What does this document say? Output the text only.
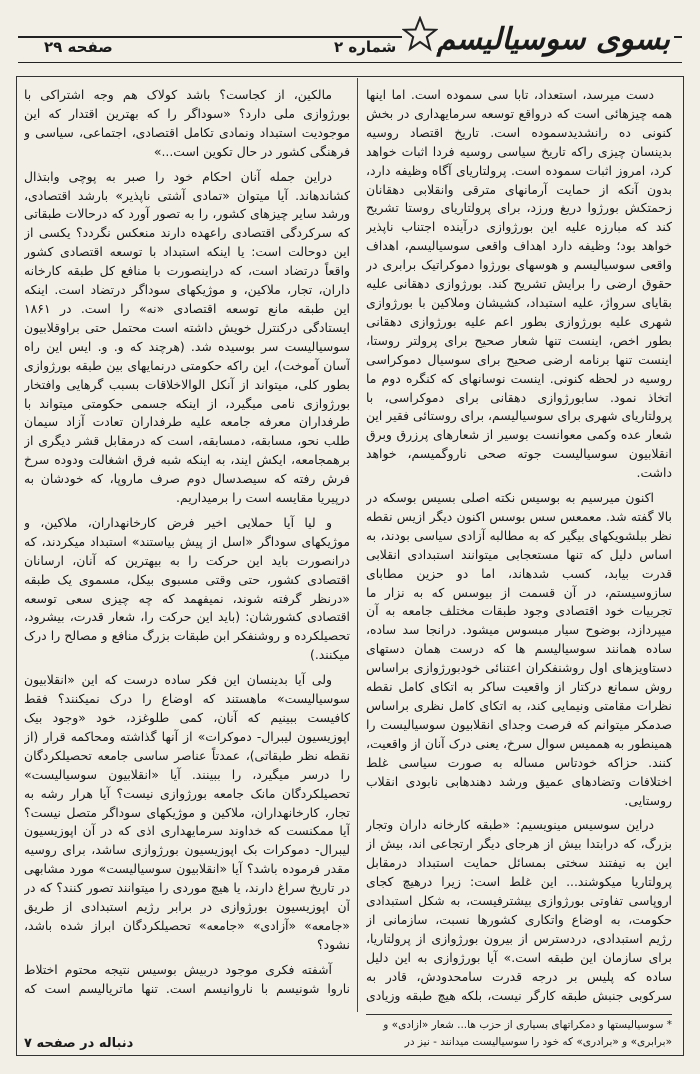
بسوی سوسیالیسم
شماره ۲
صفحه ۲۹

دست میرسد، استعداد، تابا سی سموده است. اما اینها همه چیزهائی است که درواقع توسعه سرمایهداری در بخش کنونی ده رانشدیدسموده است. تاریخ اقتصاد روسیه بدینسان چیزی راکه تاریخ سیاسی روسیه فردا اثبات خواهد کرد، امروز اثبات سموده است. پرولتاریای آگاه وظیفه دارد، بدون آنکه از حمایت آرمانهای مترقی وانقلابی دهقانان زحمتکش بورژوا دریغ ورزد، برای پرولتاریای روستا تشریح کند که مبارزه علیه این بورژوازی درآینده اجتناب ناپذیر خواهد بود؛ وظیفه دارد اهداف واقعی سوسیالیسم، اهداف واقعی سوسیالیسم و هوسهای بورژوا دموکراتیک برابری در حقوق ارضی را برایش تشریح کند. بورژوازی دهقانی علیه بقایای سرواژ، علیه استبداد، کشیشان وملاکین با بورژوازی شهری علیه بورژوازی بطور اعم علیه بورژوازی دهقانی بطور اخص، اینست تنها شعار صحیح برای پرولتر روستا، اینست تنها برنامه ارضی صحیح برای سوسیال دموکراسی روسیه در لحظه کنونی. اینست نوسانهای که کنگره دوم ما اتخاذ نمود. سابورژوازی دهقانی برای دموکراسی، با پرولتاریای شهری برای سوسیالیسم، برای روستائی فقیر این شعار عده وکمی معوانست بوسیر از شعارهای پرزرق وبرق انقلابیون سوسیالیست جوته صحی ناروگمیسم، خواهد داشت.

اکنون میرسیم به بوسیس نکته اصلی بسیس بوسکه در بالا گفته شد. معمعس سس بوسس اکنون دیگر ازیس نقطه نظر ببلشویکهای بیگیر که به مطالبه آزادی سیاسی بودند، به اساس دلیل که تنها مستعجابی میتوانند استبدادی انقلابی قدرت بیابد، کسب شدهاند، اما دو حزین مطابای سازوسیستم، در آن قسمت از بیوسس که به نزار ما تجربیات خود اقتصادی وجود طبقات مختلف جامعه به آن میپردازد، بوضوح سیار مبسوس میشود. درانجا سد ساده، ساده همانند سوسیالیسم ها که درست همان دستهای دستاویزهای اول روشنفکران اعتنائی خودبورژوازی براساس روش سمانع درکتار از واقعیت ساکر به اتکای کامل نقطه نظرات مقامتی ونیمایی کند، به اتکای کامل نظری براساس صدمکر میتوانم که فرصت وجدای انقلابیون سوسیالیست را همینطور به هممیس سوال سرخ، یعنی درک آنان از واقعیت، کنند. حزاکه خودتاس مساله به صورت سیاسی غلط اختلافات وتضادهای عمیق ورشد دهندهابی نابودی انقلاب روستایی.

دراین سوسیس مینویسیم: «طبقه کارخانه داران وتجار بزرگ، که درابتدا بیش از هرجای دیگر ارتجاعی اند، بیش از این به نیفتند سختی بمسائل حمایت استبداد درمقابل پرولتاریا میکوشند... این غلط است: زیرا درهیچ کجای اروپاسی تفاوتی بورژوازی بیشترفیست، به شکل استبدادی حکومت، به اوضاع واتکاری کشورها نسبت، سازمانی از رژیم استبدادی، دردسترس از بیرون بورژوازی از پرولتاریا، برای سازمان این طبقه است.» آیا بورژوازی به این دلیل ساده که پلیس بر درجه قدرت سامحدودش، قادر به سرکوبی جنبش طبقه کارگر نیست، بلکه هیچ طبقه وزیادی

مالکین، از کجاست؟ باشد کولاک هم وجه اشتراکی با بورژوازی ملی دارد؟ «سوداگر را که بهترین اقتدار که این موجودیت استبداد ونمادی تکامل اقتصادی، اجتماعی، سیاسی و فرهنگی کشور در حال تکوین است...»

دراین جمله آنان احکام خود را صبر به پوچی وابتذال کشاندهاند. آیا میتوان «تمادی آشتی ناپذیر» بارشد اقتصادی، ورشد سایر چیزهای کشور، را به تصور آورد که درحالات طبقاتی که سرکردگی اقتصادی راعهده دارند منعکس نگردد؟ یکسی از این دوحالت است: یا اینکه استبداد با توسعه اقتصادی کشور واقعاً درتضاد است، که دراینصورت با منافع کل طبقه کارخانه داران، تجار، ملاکین، و موژیکهای سوداگر درتضاد است. اینکه این طبقه مانع توسعه اقتصادی «نه» را است. در ۱۸۶۱ ایستادگی درکنترل خویش داشته است محتمل حتی براوقلابیون سوسیالیست سر بوسیده شد. (هرچند که و. و. ایس این راه آسان آموخت)، این راکه حکومتی درنمایهای بین طبقه بورژوازی بطور کلی، میتواند از آنکل الوالاخلاقات بسبب گرهایی وافتخار بورژوازی نامی میگیرد، از اینکه جسمی حکومتی میتواند با طرفداران معرفه جامعه علیه طرفداران تعادت آزاد سیمان طلب نحو، مسابقه، دمسابقه، است که درمقابل قشر دیگری از برهمجامعه، ایکش ایند، به اینکه شبه فرق اشغالت ودوده سرخ فرش رفته که سیصدسال دوم صرف ماروپا، که خودشان به درپیریا مقایسه است را برمیداریم.

و لیا آیا حملایی اخیر فرض کارخانهداران، ملاکین، و موژیکهای سوداگر «اسل از پیش بیاستند» استبداد میکردند، که درانصورت باید این حرکت را به بیهترین که آنان، ارسانان اقتصادی کشور، حتی وقتی مسبوی بیکل، مسموی یک طبقه «درنظر گرفته شوند، نمیفهمد که چه چیزی سعی توسعه اقتصادی کشورشان: (باید این حرکت را، شعار قدرت، بیشرود، تحصیلکرده و روشنفکر ابن طبقات بزرگ منافع و مصالح را درک میکنند.)

ولی آیا بدینسان این فکر ساده درست که این «انقلابیون سوسیالیست» ماهستند که اوضاع را درک نمیکنند؟ فقط کافیست ببینیم که آنان، کمی طلوغزد، خود «وجود بیک اپوزیسیون لیبرال- دموکرات» از آنها گذاشته ومحاکمه قرار (از نقطه نظر طبقاتی)، عمدتاً عناصر ساسی جامعه تحصیلکردگان را درسر میگیرد، را ببینند. آیا «انقلابیون سوسیالیست» تحصیلکردگان مانک جامعه بورژوازی نیست؟ آیا هرار رشه به تجار، کارخانهداران، ملاکین و موژیکهای سوداگر متصل نیست؟ آیا ممکنست که خداوند سرمایهداری اذی که در آن اپوزیسیون لیبرال- دموکرات بک اپوزیسیون بورژوازی ساشد، برای روسیه مقدر فرموده باشد؟ آیا «انقلابیون سوسیالیست» مورد مشابهی در تاریخ سراغ دارند، یا هیچ موردی را میتوانند تصور کنند؟ که در آن اپوزیسیون بورژوازی در برابر رژیم استبدادی از طریق «جامعه» «آزادی» «جامعه» تحصیلکردگان ابراز شده باشد، نشود؟

آشفته فکری موجود دربیش بوسیس نتیجه محتوم اختلاط ناروا شونیسم با ناروانیسم است. تنها ماتریالیسم است که

* سوسیالیستها و دمکراتهای بسیاری از حزب‌ ها... شعار «ازادی» و «برابری» و «برادری» که خود را سوسیالیست میدانند - نیز در
دنباله در صفحه ۷
